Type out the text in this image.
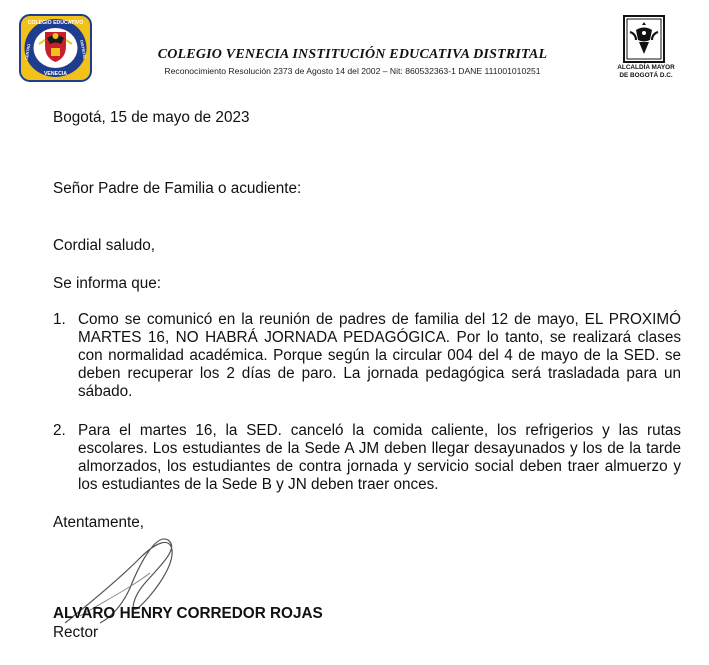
COLEGIO EDUCATIVO
CENTRO	DISTRITAL
VENECIA
COLEGIO VENECIA INSTITUCIÓN EDUCATIVA DISTRITAL
Reconocimiento Resolución 2373 de Agosto 14 del 2002 – Nit: 860532363-1 DANE 111001010251	ALCALDÍA MAYOR
DE BOGOTÁ D.C.
Bogotá, 15 de mayo de 2023
Señor Padre de Familia o acudiente:
Cordial saludo,
Se informa que:
1. Como se comunicó en la reunión de padres de familia del 12 de mayo, EL PROXIMÓ MARTES 16, NO HABRÁ JORNADA PEDAGÓGICA. Por lo tanto, se realizará clases con normalidad académica. Porque según la circular 004 del 4 de mayo de la SED. se deben recuperar los 2 días de paro. La jornada pedagógica será trasladada para un sábado.
2. Para el martes 16, la SED. canceló la comida caliente, los refrigerios y las rutas escolares. Los estudiantes de la Sede A JM deben llegar desayunados y los de la tarde almorzados, los estudiantes de contra jornada y servicio social deben traer almuerzo y los estudiantes de la Sede B y JN deben traer onces.
Atentamente,
ALVARO HENRY CORREDOR ROJAS
Rector
